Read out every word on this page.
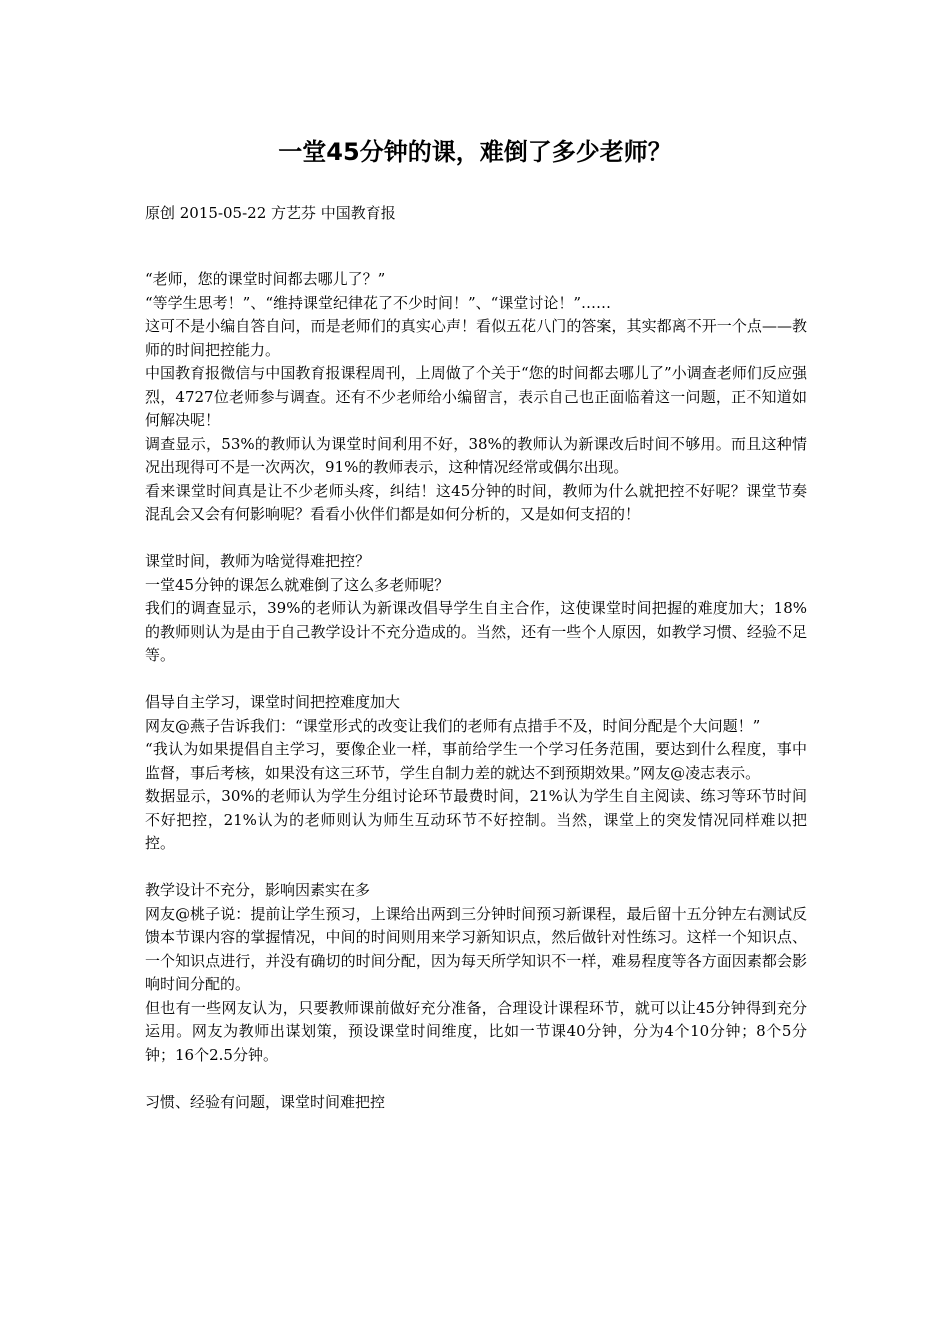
一堂45分钟的课，难倒了多少老师？
原创 2015-05-22 方艺芬 中国教育报

“老师，您的课堂时间都去哪儿了？”

“等学生思考！”、“维持课堂纪律花了不少时间！”、“课堂讨论！”……

这可不是小编自答自问，而是老师们的真实心声！看似五花八门的答案，其实都离不开一个点——教师的时间把控能力。

中国教育报微信与中国教育报课程周刊，上周做了个关于“您的时间都去哪儿了”小调查老师们反应强烈，4727位老师参与调查。还有不少老师给小编留言，表示自己也正面临着这一问题，正不知道如何解决呢！

调查显示，53%的教师认为课堂时间利用不好，38%的教师认为新课改后时间不够用。而且这种情况出现得可不是一次两次，91%的教师表示，这种情况经常或偶尔出现。

看来课堂时间真是让不少老师头疼，纠结！这45分钟的时间，教师为什么就把控不好呢？课堂节奏混乱会又会有何影响呢？看看小伙伴们都是如何分析的，又是如何支招的！

课堂时间，教师为啥觉得难把控？

一堂45分钟的课怎么就难倒了这么多老师呢？

我们的调查显示，39%的老师认为新课改倡导学生自主合作，这使课堂时间把握的难度加大；18%的教师则认为是由于自己教学设计不充分造成的。当然，还有一些个人原因，如教学习惯、经验不足等。

倡导自主学习，课堂时间把控难度加大

网友@燕子告诉我们：“课堂形式的改变让我们的老师有点措手不及，时间分配是个大问题！”

“我认为如果提倡自主学习，要像企业一样，事前给学生一个学习任务范围，要达到什么程度，事中监督，事后考核，如果没有这三环节，学生自制力差的就达不到预期效果。”网友@凌志表示。

数据显示，30%的老师认为学生分组讨论环节最费时间，21%认为学生自主阅读、练习等环节时间不好把控，21%认为的老师则认为师生互动环节不好控制。当然，课堂上的突发情况同样难以把控。

教学设计不充分，影响因素实在多

网友@桃子说：提前让学生预习，上课给出两到三分钟时间预习新课程，最后留十五分钟左右测试反馈本节课内容的掌握情况，中间的时间则用来学习新知识点，然后做针对性练习。这样一个知识点、一个知识点进行，并没有确切的时间分配，因为每天所学知识不一样，难易程度等各方面因素都会影响时间分配的。

但也有一些网友认为，只要教师课前做好充分准备，合理设计课程环节，就可以让45分钟得到充分运用。网友为教师出谋划策，预设课堂时间维度，比如一节课40分钟，分为4个10分钟；8个5分钟；16个2.5分钟。

习惯、经验有问题，课堂时间难把控
